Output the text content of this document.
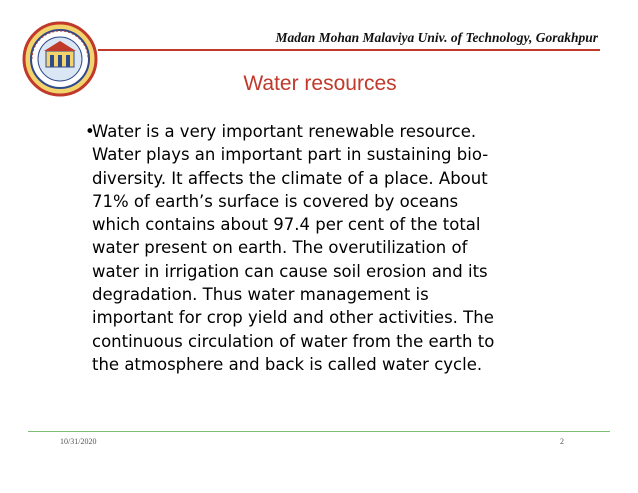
Madan Mohan Malaviya Univ. of Technology, Gorakhpur
Water resources
•
Water is a very important renewable resource.
Water plays an important part in sustaining bio-
diversity. It affects the climate of a place. About
71% of earth’s surface is covered by oceans
which contains about 97.4 per cent of the total
water present on earth. The overutilization of
water in irrigation can cause soil erosion and its
degradation. Thus water management is
important for crop yield and other activities. The
continuous circulation of water from the earth to
the atmosphere and back is called water cycle.
10/31/2020	2
